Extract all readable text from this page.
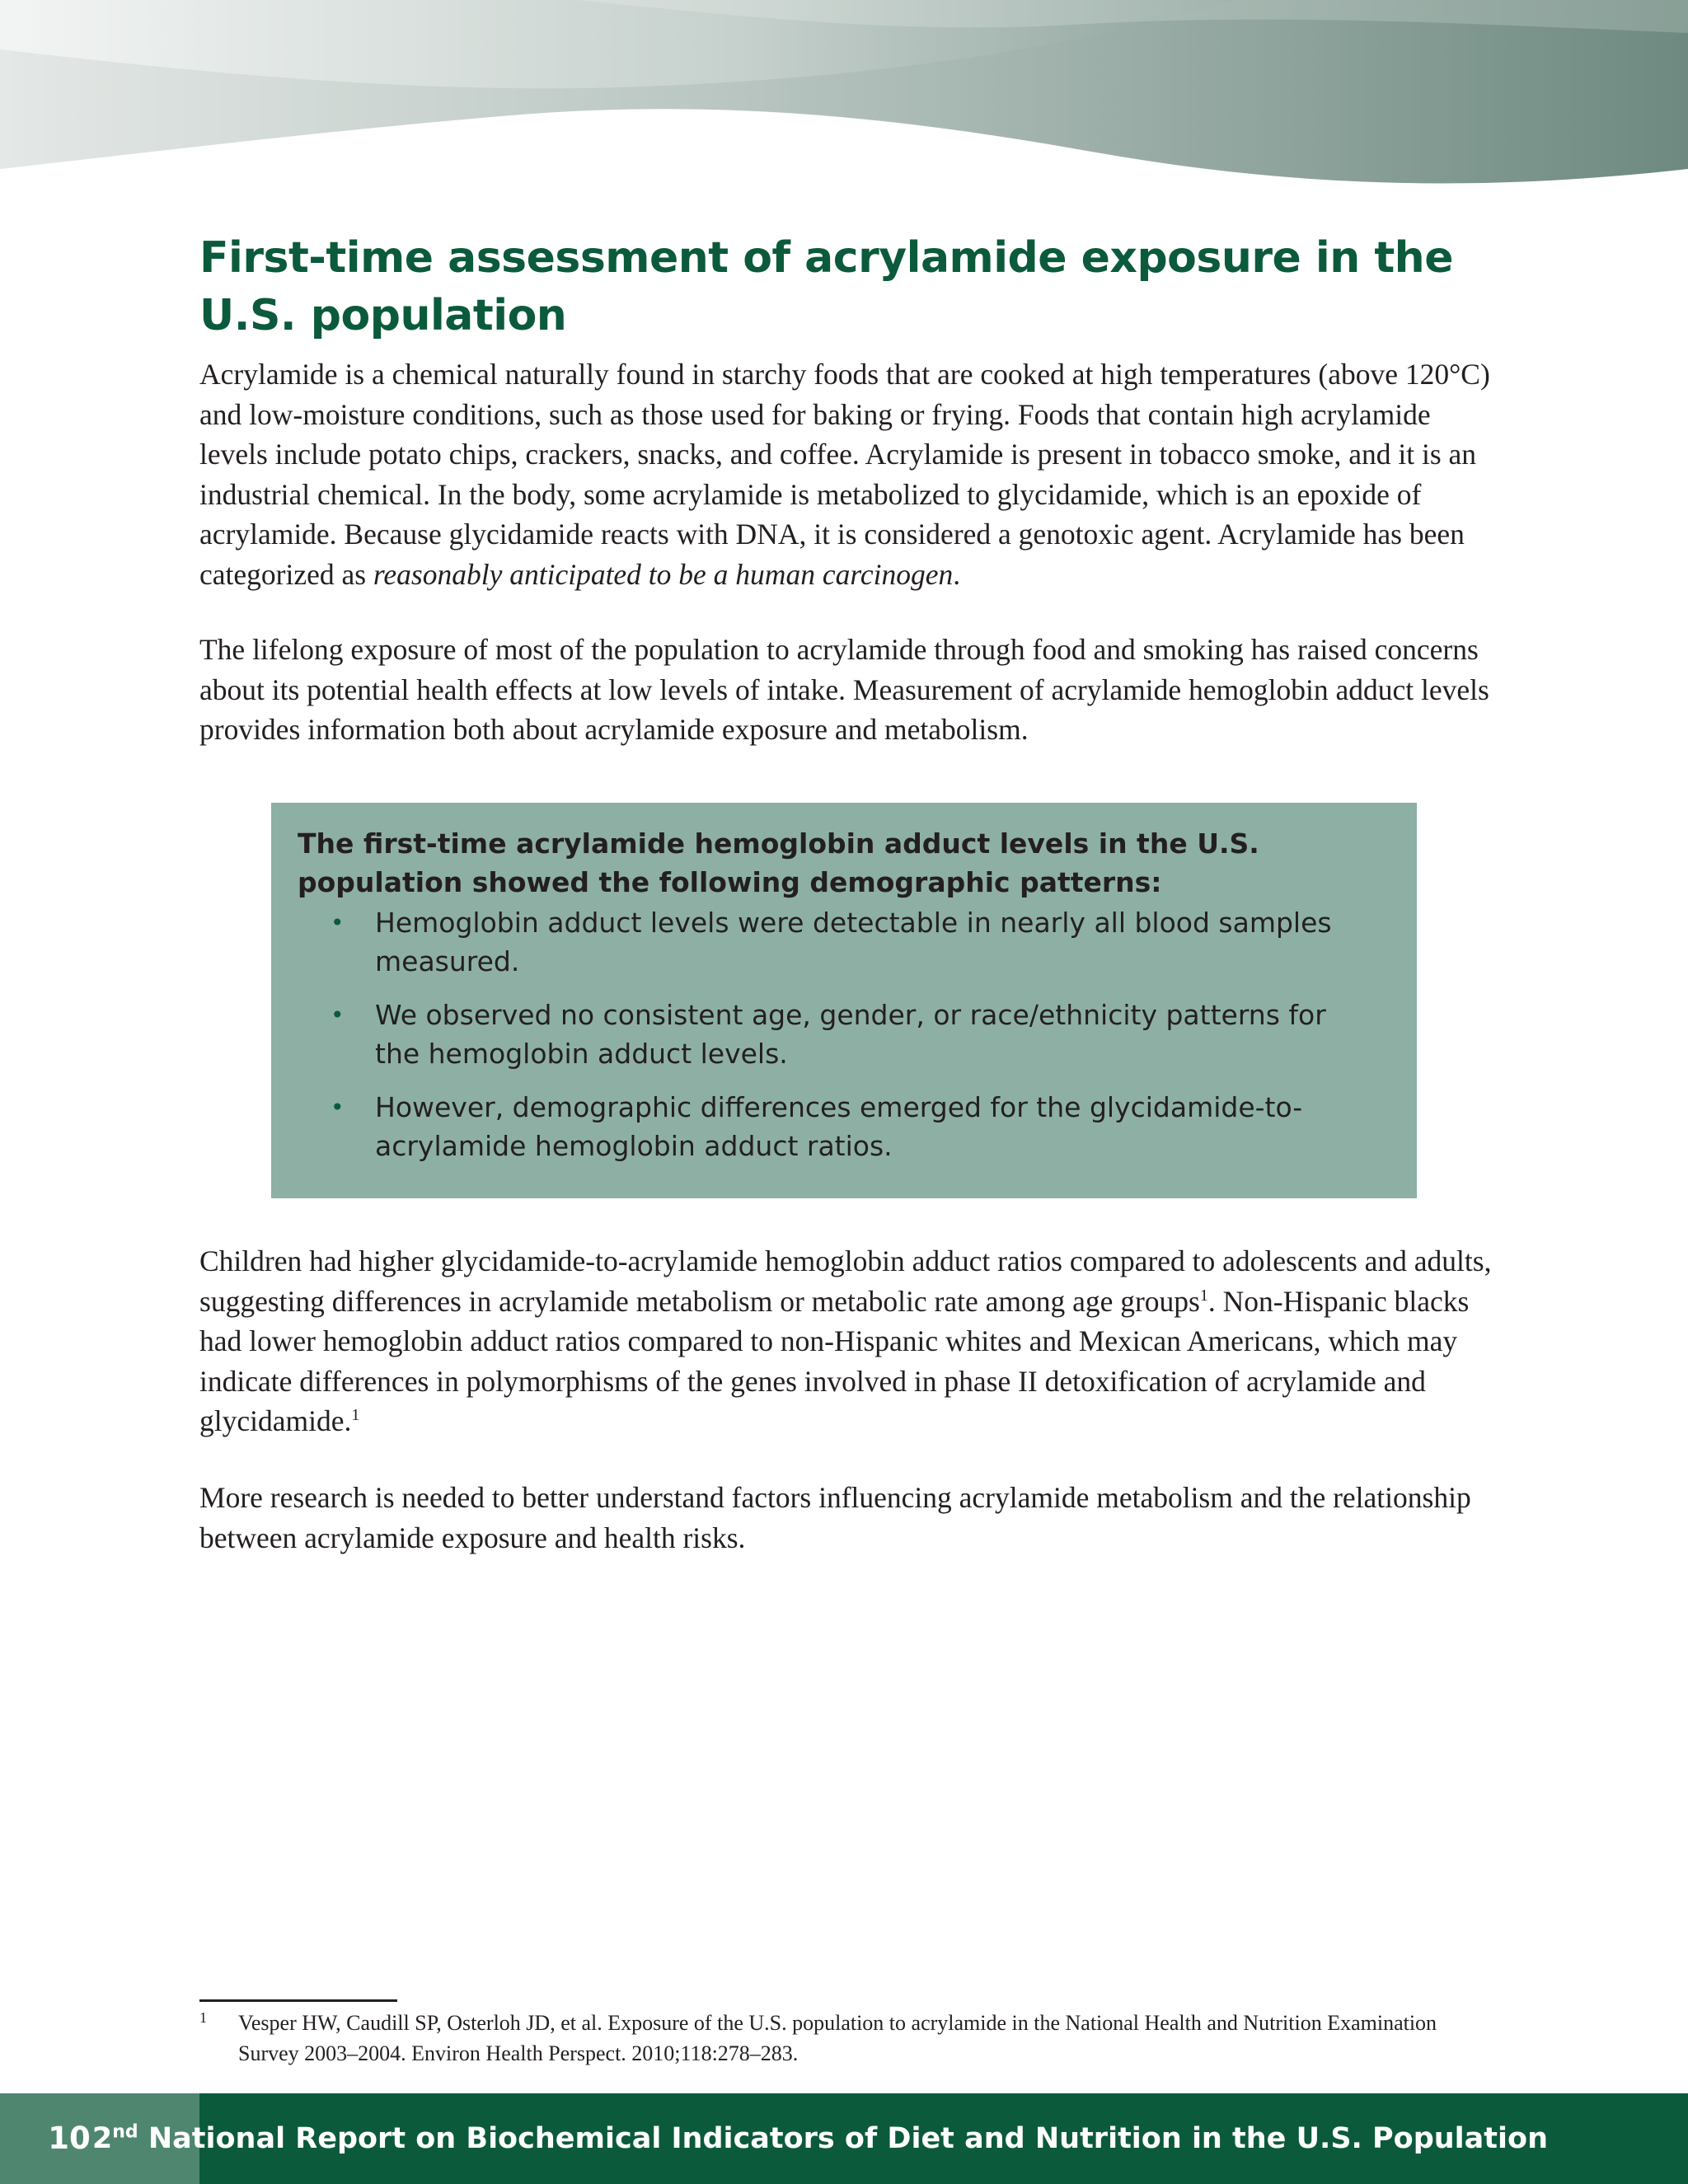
First-time assessment of acrylamide exposure in the U.S. population

Acrylamide is a chemical naturally found in starchy foods that are cooked at high temperatures (above 120°C) and low-moisture conditions, such as those used for baking or frying. Foods that contain high acrylamide levels include potato chips, crackers, snacks, and coffee. Acrylamide is present in tobacco smoke, and it is an industrial chemical. In the body, some acrylamide is metabolized to glycidamide, which is an epoxide of acrylamide. Because glycidamide reacts with DNA, it is considered a genotoxic agent. Acrylamide has been categorized as reasonably anticipated to be a human carcinogen.

The lifelong exposure of most of the population to acrylamide through food and smoking has raised concerns about its potential health effects at low levels of intake. Measurement of acrylamide hemoglobin adduct levels provides information both about acrylamide exposure and metabolism.

The first-time acrylamide hemoglobin adduct levels in the U.S. population showed the following demographic patterns:

• Hemoglobin adduct levels were detectable in nearly all blood samples measured.
• We observed no consistent age, gender, or race/ethnicity patterns for the hemoglobin adduct levels.
• However, demographic differences emerged for the glycidamide-to-acrylamide hemoglobin adduct ratios.

Children had higher glycidamide-to-acrylamide hemoglobin adduct ratios compared to adolescents and adults, suggesting differences in acrylamide metabolism or metabolic rate among age groups$^1$. Non-Hispanic blacks had lower hemoglobin adduct ratios compared to non-Hispanic whites and Mexican Americans, which may indicate differences in polymorphisms of the genes involved in phase II detoxification of acrylamide and glycidamide.$^1$

More research is needed to better understand factors influencing acrylamide metabolism and the relationship between acrylamide exposure and health risks.

1	Vesper HW, Caudill SP, Osterloh JD, et al. Exposure of the U.S. population to acrylamide in the National Health and Nutrition Examination Survey 2003–2004. Environ Health Perspect. 2010;118:278–283.
10 2nd National Report on Biochemical Indicators of Diet and Nutrition in the U.S. Population
